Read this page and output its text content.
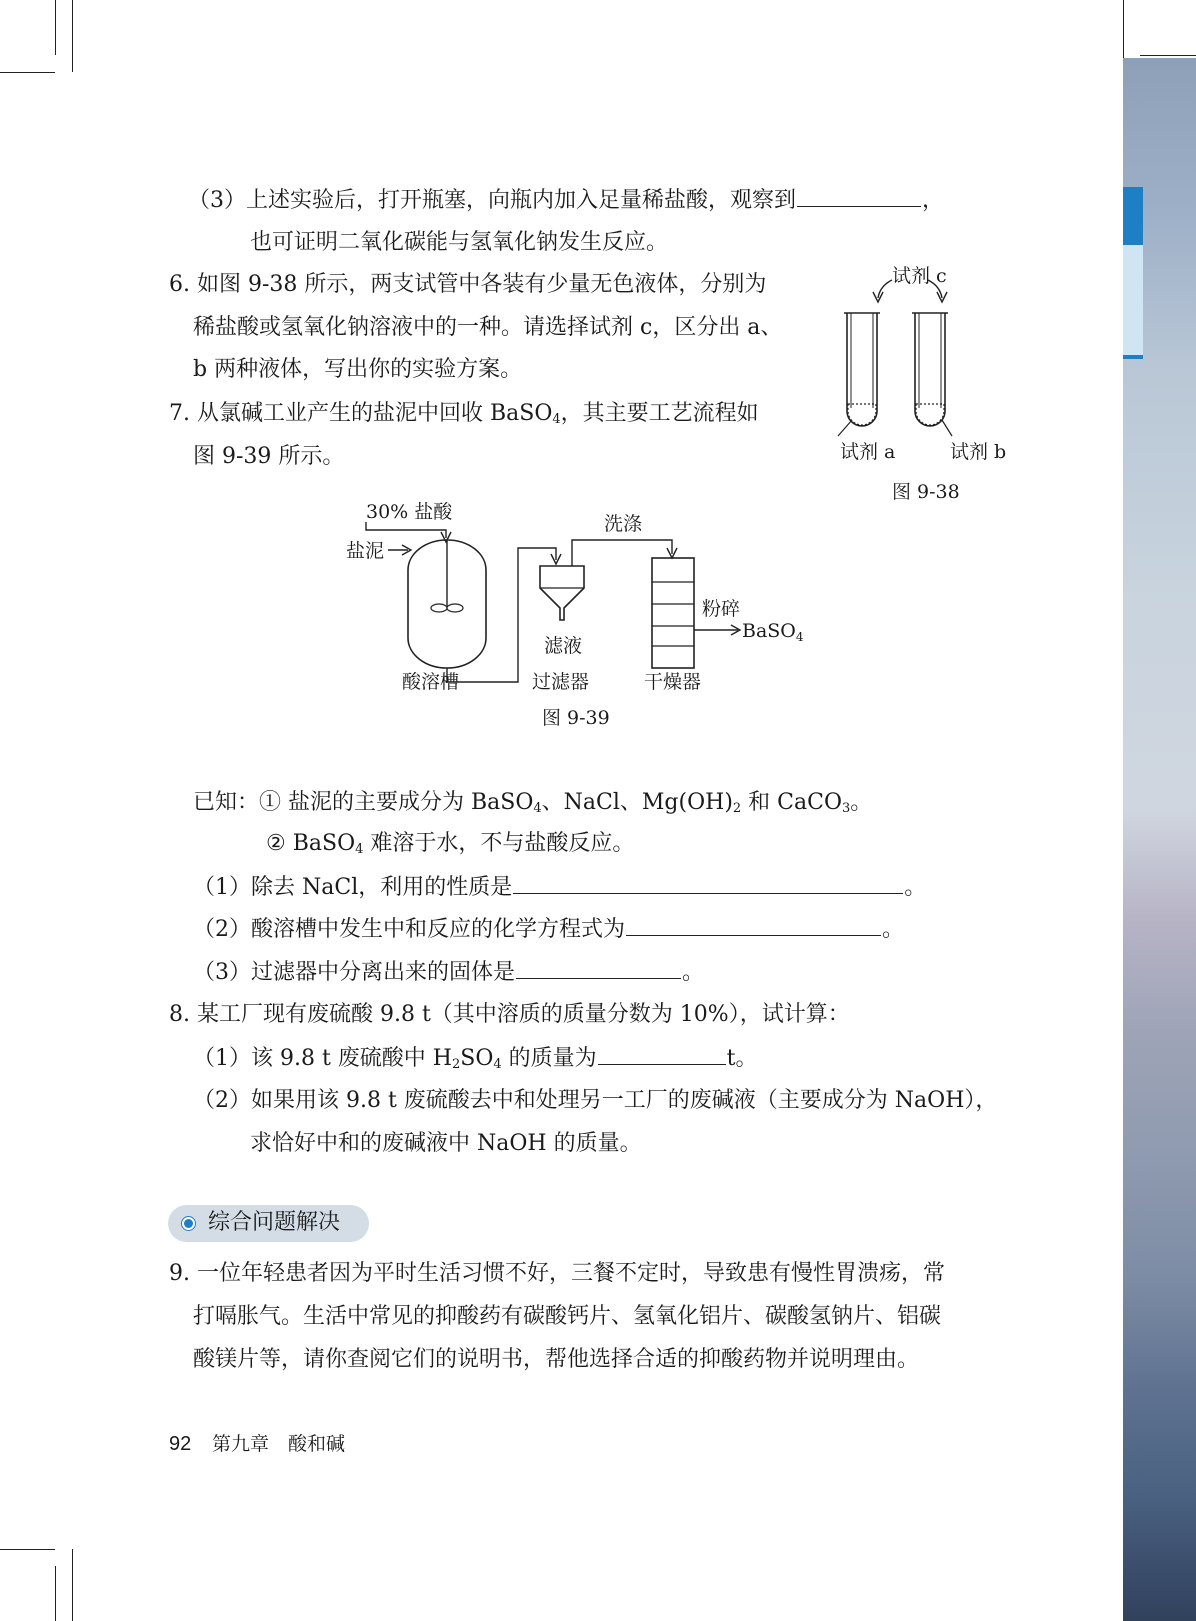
（3）上述实验后，打开瓶塞，向瓶内加入足量稀盐酸，观察到	，
也可证明二氧化碳能与氢氧化钠发生反应。
6. 如图 9-38 所示，两支试管中各装有少量无色液体，分别为
稀盐酸或氢氧化钠溶液中的一种。请选择试剂 c，区分出 a、
b 两种液体，写出你的实验方案。
7. 从氯碱工业产生的盐泥中回收 BaSO$_4$，其主要工艺流程如
图 9-39 所示。
试剂 c
试剂 a	试剂 b
图 9-38
30% 盐酸
盐泥
洗涤
滤液
粉碎
BaSO$_4$
酸溶槽	过滤器	干燥器
图 9-39
已知：① 盐泥的主要成分为 BaSO$_4$、NaCl、$Mg(OH)_2$ 和 CaCO$_3$。
② BaSO$_4$ 难溶于水，不与盐酸反应。
（1）除去 NaCl，利用的性质是	。
（2）酸溶槽中发生中和反应的化学方程式为	。
（3）过滤器中分离出来的固体是	。
8. 某工厂现有废硫酸 9.8 t（其中溶质的质量分数为 10%），试计算：
（1）该 9.8 t 废硫酸中 $H_2SO_4$ 的质量为	t。
（2）如果用该 9.8 t 废硫酸去中和处理另一工厂的废碱液（主要成分为 NaOH），
求恰好中和的废碱液中 NaOH 的质量。
综合问题解决
9. 一位年轻患者因为平时生活习惯不好，三餐不定时，导致患有慢性胃溃疡，常
打嗝胀气。生活中常见的抑酸药有碳酸钙片、氢氧化铝片、碳酸氢钠片、铝碳
酸镁片等，请你查阅它们的说明书，帮他选择合适的抑酸药物并说明理由。
92 第九章　酸和碱
